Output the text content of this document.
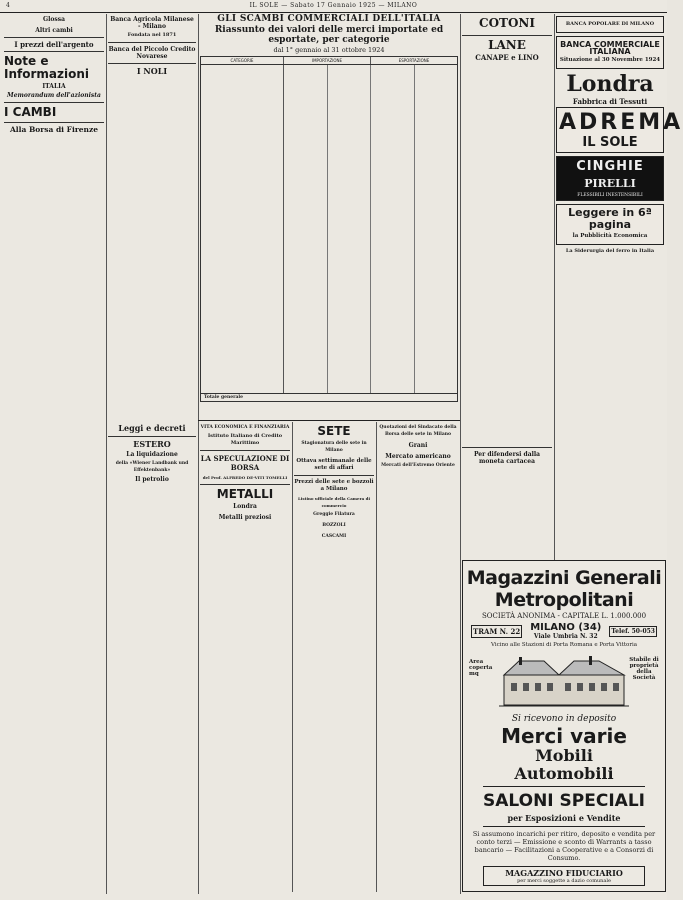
4	IL SOLE — Sabato 17 Gennaio 1925 — MILANO
Glossa
Altri cambi
I prezzi dell'argento
Note e Informazioni
ITALIA
Memorandum dell'azionista
I CAMBI
Alla Borsa di Firenze
Banca Agricola Milanese - Milano
Fondata nel 1871
Banca del Piccolo Credito Novarese
I NOLI
Leggi e decreti
ESTERO
La liquidazione
della «Wiener Landbank und Effektenbank»
Il petrolio
GLI SCAMBI COMMERCIALI DELL'ITALIA
Riassunto dei valori delle merci importate ed esportate, per categorie
dal 1° gennaio al 31 ottobre 1924
CATEGORIE	IMPORTAZIONE	ESPORTAZIONE
Totale generale
VITA ECONOMICA E FINANZIARIA
Istituto Italiano di Credito Marittimo
LA SPECULAZIONE DI BORSA
del Prof. ALFREDO DE-VITI TOMELLI
METALLI
Londra
Metalli preziosi
SETE
Stagionatura delle sete in Milano
Ottava settimanale delle sete di affari
Prezzi delle sete e bozzoli a Milano
Listino ufficiale della Camera di commercio
Greggie Filatura
BOZZOLI
CASCAMI
Quotazioni del Sindacato della Borsa delle sete in Milano
Grani
Mercato americano
Mercati dell'Estremo Oriente
COTONI
LANE
CANAPE e LINO
Per difendersi dalla moneta cartacea
BANCA POPOLARE DI MILANO
BANCA COMMERCIALE ITALIANA
Situazione al 30 Novembre 1924
Londra
Fabbrica di Tessuti
ADREMA
IL SOLE
CINGHIE
PIRELLI
FLESSIBILI INESTENSIBILI
Leggere in 6ª pagina
la Pubblicità Economica
La Siderurgia del ferro in Italia
Magazzini Generali Metropolitani
SOCIETÀ ANONIMA - CAPITALE L. 1.000.000
TRAM N. 22 MILANO (34)
Viale Umbria N. 32
Telef. 50-053
Vicino alle Stazioni di Porta Romana e Porta Vittoria
Area coperta mq
Stabile di proprietà della Società
Si ricevono in deposito
Merci varie
Mobili
Automobili
SALONI SPECIALI
per Esposizioni e Vendite
Si assumono incarichi per ritiro, deposito e vendita per conto terzi — Emissione e sconto di Warrants a tasso bancario — Facilitazioni a Cooperative e a Consorzi di Consumo.
MAGAZZINO FIDUCIARIO
per merci soggette a dazio comunale
